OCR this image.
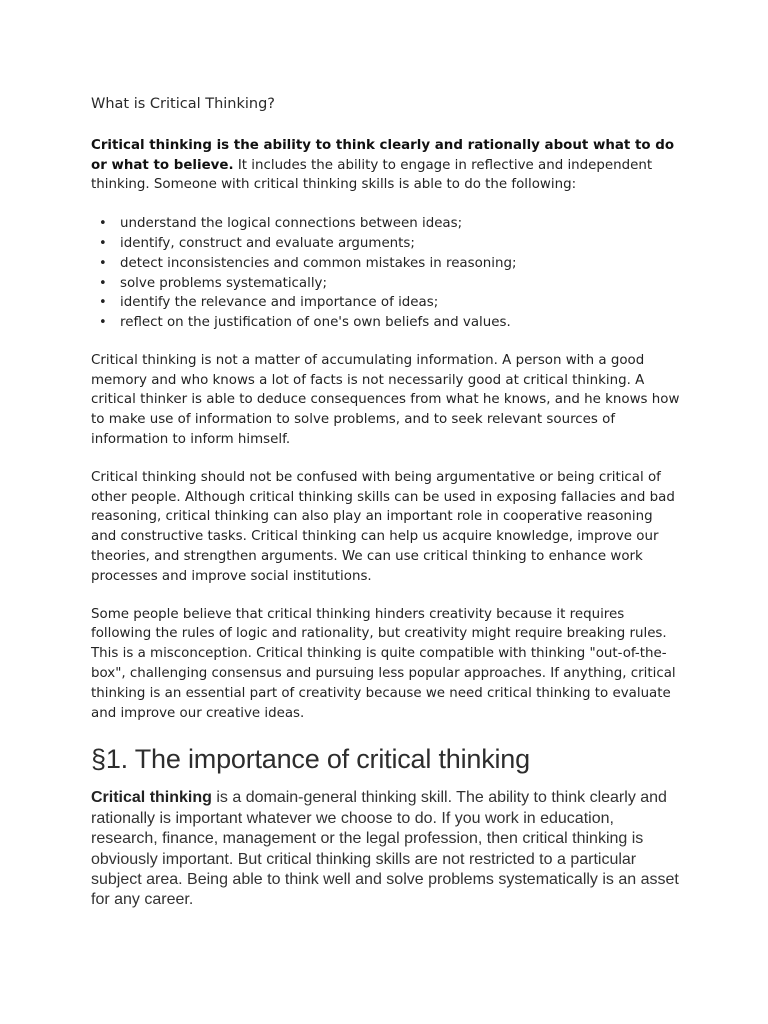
What is Critical Thinking?

Critical thinking is the ability to think clearly and rationally about what to do or what to believe. It includes the ability to engage in reflective and independent thinking. Someone with critical thinking skills is able to do the following:

• understand the logical connections between ideas;
• identify, construct and evaluate arguments;
• detect inconsistencies and common mistakes in reasoning;
• solve problems systematically;
• identify the relevance and importance of ideas;
• reflect on the justification of one's own beliefs and values.

Critical thinking is not a matter of accumulating information. A person with a good memory and who knows a lot of facts is not necessarily good at critical thinking. A critical thinker is able to deduce consequences from what he knows, and he knows how to make use of information to solve problems, and to seek relevant sources of information to inform himself.

Critical thinking should not be confused with being argumentative or being critical of other people. Although critical thinking skills can be used in exposing fallacies and bad reasoning, critical thinking can also play an important role in cooperative reasoning and constructive tasks. Critical thinking can help us acquire knowledge, improve our theories, and strengthen arguments. We can use critical thinking to enhance work processes and improve social institutions.

Some people believe that critical thinking hinders creativity because it requires following the rules of logic and rationality, but creativity might require breaking rules. This is a misconception. Critical thinking is quite compatible with thinking "out-of-the-box", challenging consensus and pursuing less popular approaches. If anything, critical thinking is an essential part of creativity because we need critical thinking to evaluate and improve our creative ideas.

§1. The importance of critical thinking

Critical thinking is a domain-general thinking skill. The ability to think clearly and rationally is important whatever we choose to do. If you work in education, research, finance, management or the legal profession, then critical thinking is obviously important. But critical thinking skills are not restricted to a particular subject area. Being able to think well and solve problems systematically is an asset for any career.
